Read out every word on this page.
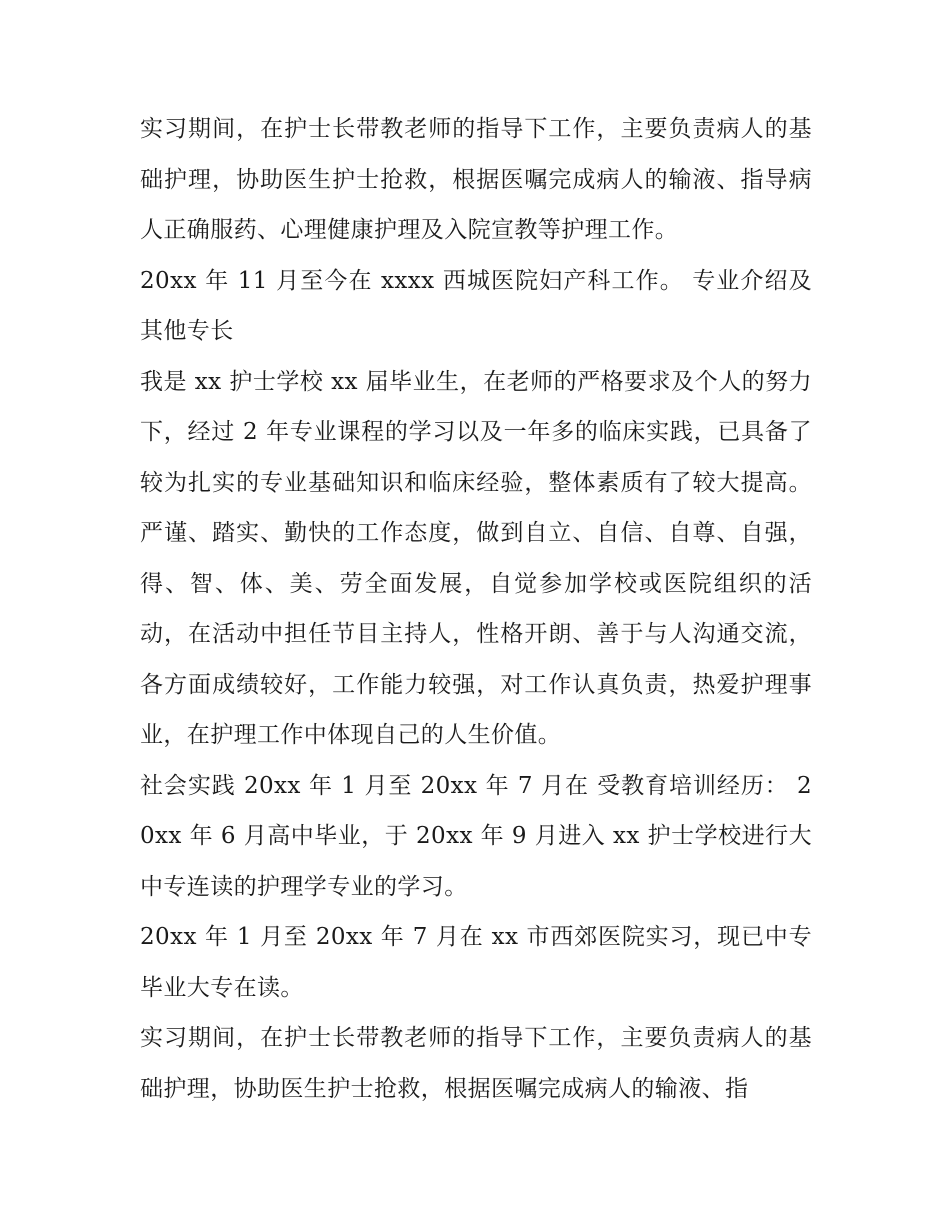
实习期间，在护士长带教老师的指导下工作，主要负责病人的基础护理，协助医生护士抢救，根据医嘱完成病人的输液、指导病人正确服药、心理健康护理及入院宣教等护理工作。

20xx 年 11 月至今在 xxxx 西城医院妇产科工作。 专业介绍及其他专长

我是 xx 护士学校 xx 届毕业生，在老师的严格要求及个人的努力下，经过 2 年专业课程的学习以及一年多的临床实践，已具备了较为扎实的专业基础知识和临床经验，整体素质有了较大提高。严谨、踏实、勤快的工作态度，做到自立、自信、自尊、自强，得、智、体、美、劳全面发展，自觉参加学校或医院组织的活动，在活动中担任节目主持人，性格开朗、善于与人沟通交流，各方面成绩较好，工作能力较强，对工作认真负责，热爱护理事业，在护理工作中体现自己的人生价值。

社会实践 20xx 年 1 月至 20xx 年 7 月在 受教育培训经历： 20xx 年 6 月高中毕业，于 20xx 年 9 月进入 xx 护士学校进行大中专连读的护理学专业的学习。

20xx 年 1 月至 20xx 年 7 月在 xx 市西郊医院实习，现已中专毕业大专在读。

实习期间，在护士长带教老师的指导下工作，主要负责病人的基础护理，协助医生护士抢救，根据医嘱完成病人的输液、指
